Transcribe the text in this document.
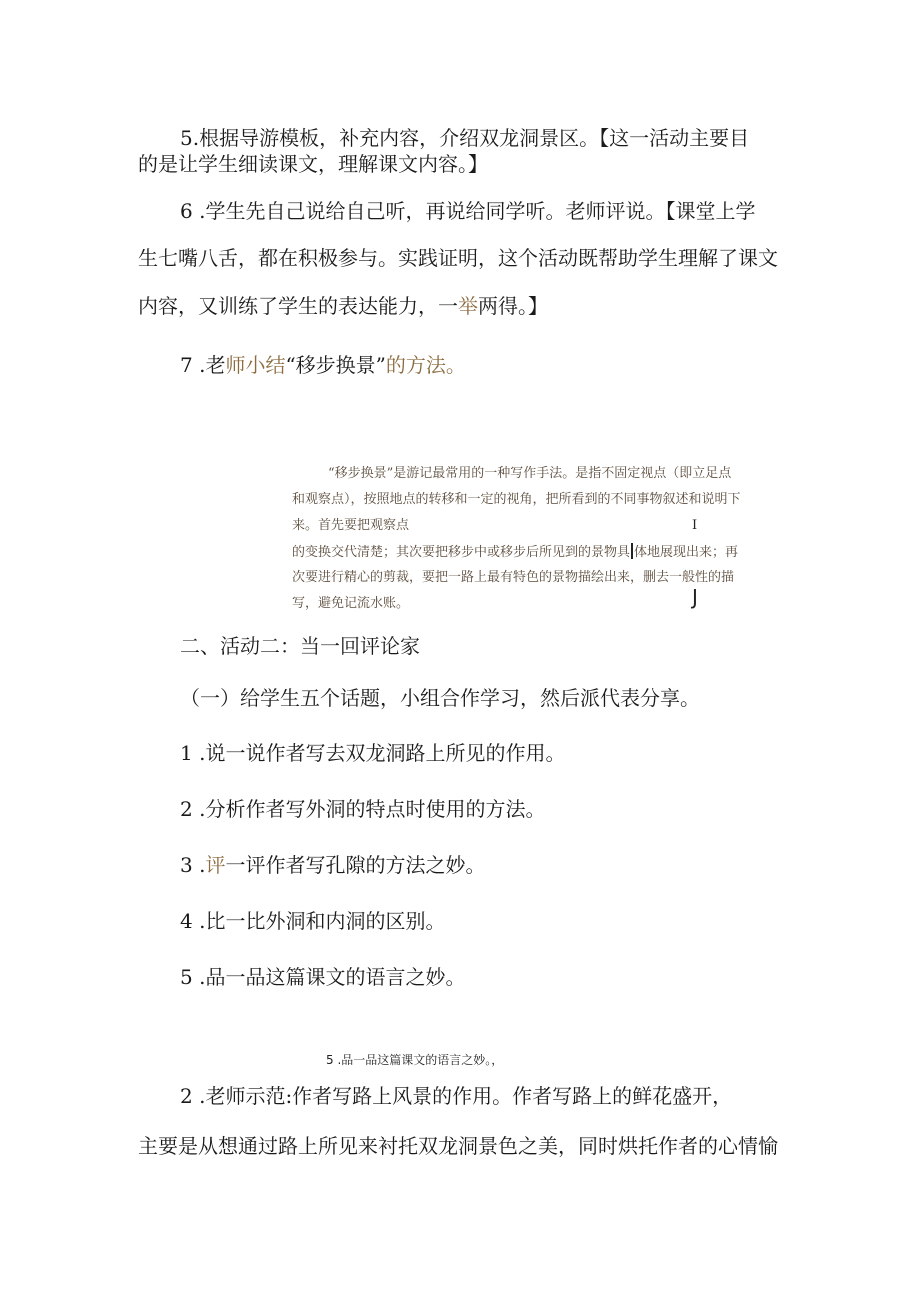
5.根据导游模板，补充内容，介绍双龙洞景区。【这一活动主要目
的是让学生细读课文，理解课文内容。】
6 .学生先自己说给自己听，再说给同学听。老师评说。【课堂上学
生七嘴八舌，都在积极参与。实践证明，这个活动既帮助学生理解了课文
内容，又训练了学生的表达能力，一举两得。】
7 .老师小结“移步换景”的方法。
“移步换景”是游记最常用的一种写作手法。是指不固定视点（即立足点
和观察点），按照地点的转移和一定的视角，把所看到的不同事物叙述和说明下
来。首先要把观察点	I
的变换交代清楚；其次要把移步中或移步后所见到的景物具 体地展现出来；再
次要进行精心的剪裁，要把一路上最有特色的景物描绘出来，删去一般性的描
写，避免记流水账。	J
二、活动二：当一回评论家
（一）给学生五个话题，小组合作学习，然后派代表分享。
1 .说一说作者写去双龙洞路上所见的作用。
2 .分析作者写外洞的特点时使用的方法。
3 .评一评作者写孔隙的方法之妙。
4 .比一比外洞和内洞的区别。
5 .品一品这篇课文的语言之妙。
5 .品一品这篇课文的语言之妙。，
2 .老师示范:作者写路上风景的作用。作者写路上的鲜花盛开，
主要是从想通过路上所见来衬托双龙洞景色之美，同时烘托作者的心情愉
